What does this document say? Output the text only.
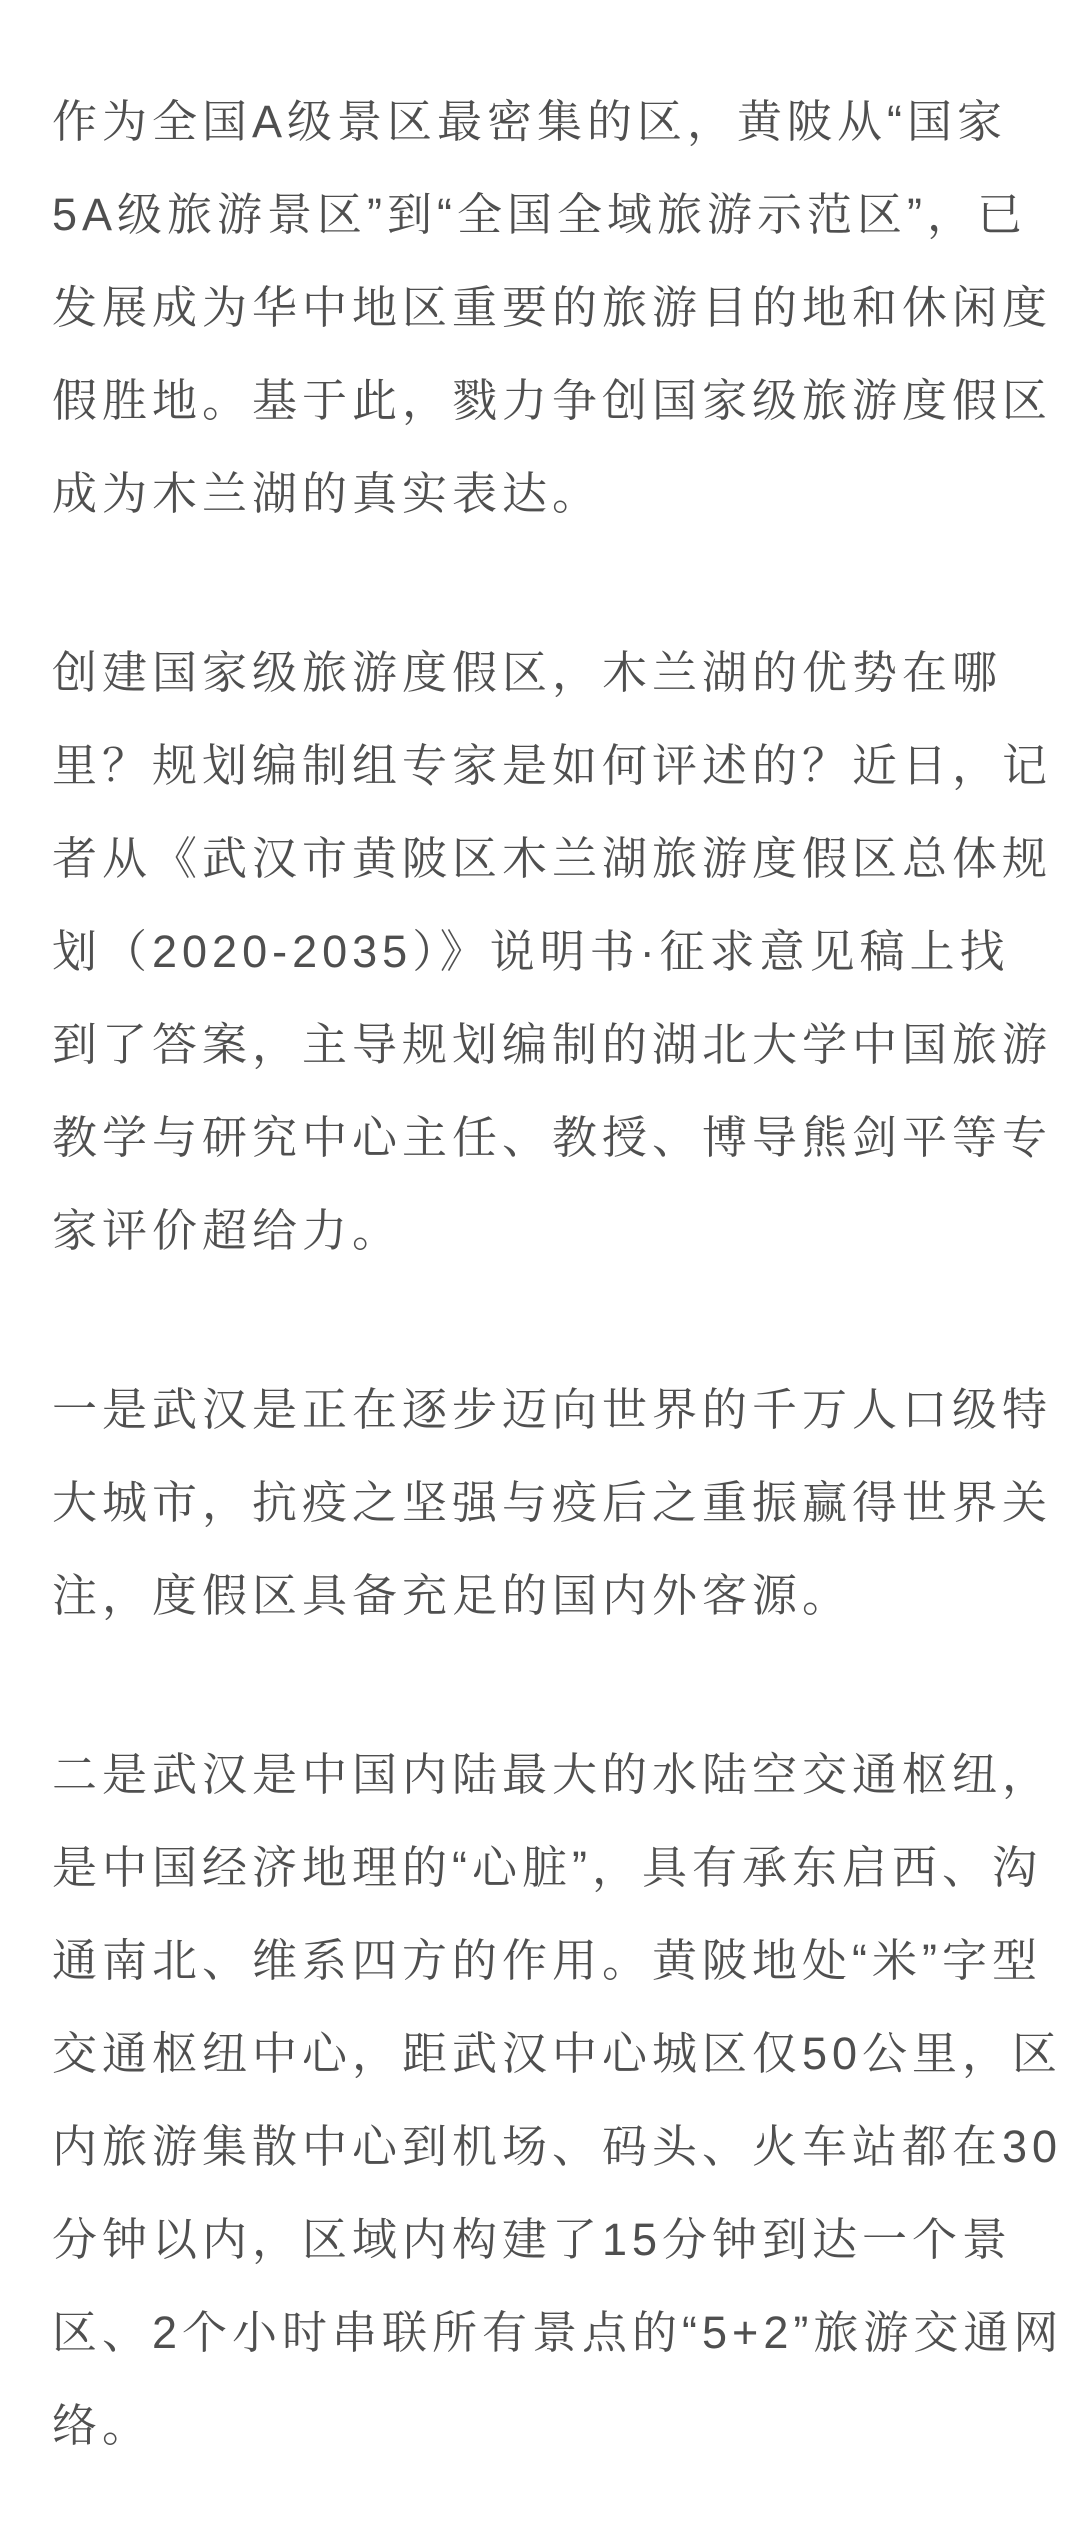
作为全国A级景区最密集的区，黄陂从“国家
5A级旅游景区”到“全国全域旅游示范区”，已
发展成为华中地区重要的旅游目的地和休闲度
假胜地。基于此，戮力争创国家级旅游度假区
成为木兰湖的真实表达。
创建国家级旅游度假区，木兰湖的优势在哪
里？规划编制组专家是如何评述的？近日，记
者从《武汉市黄陂区木兰湖旅游度假区总体规
划（2020-2035）》说明书·征求意见稿上找
到了答案，主导规划编制的湖北大学中国旅游
教学与研究中心主任、教授、博导熊剑平等专
家评价超给力。
一是武汉是正在逐步迈向世界的千万人口级特
大城市，抗疫之坚强与疫后之重振赢得世界关
注，度假区具备充足的国内外客源。
二是武汉是中国内陆最大的水陆空交通枢纽，
是中国经济地理的“心脏”，具有承东启西、沟
通南北、维系四方的作用。黄陂地处“米”字型
交通枢纽中心，距武汉中心城区仅50公里，区
内旅游集散中心到机场、码头、火车站都在30
分钟以内，区域内构建了15分钟到达一个景
区、2个小时串联所有景点的“5+2”旅游交通网
络。
